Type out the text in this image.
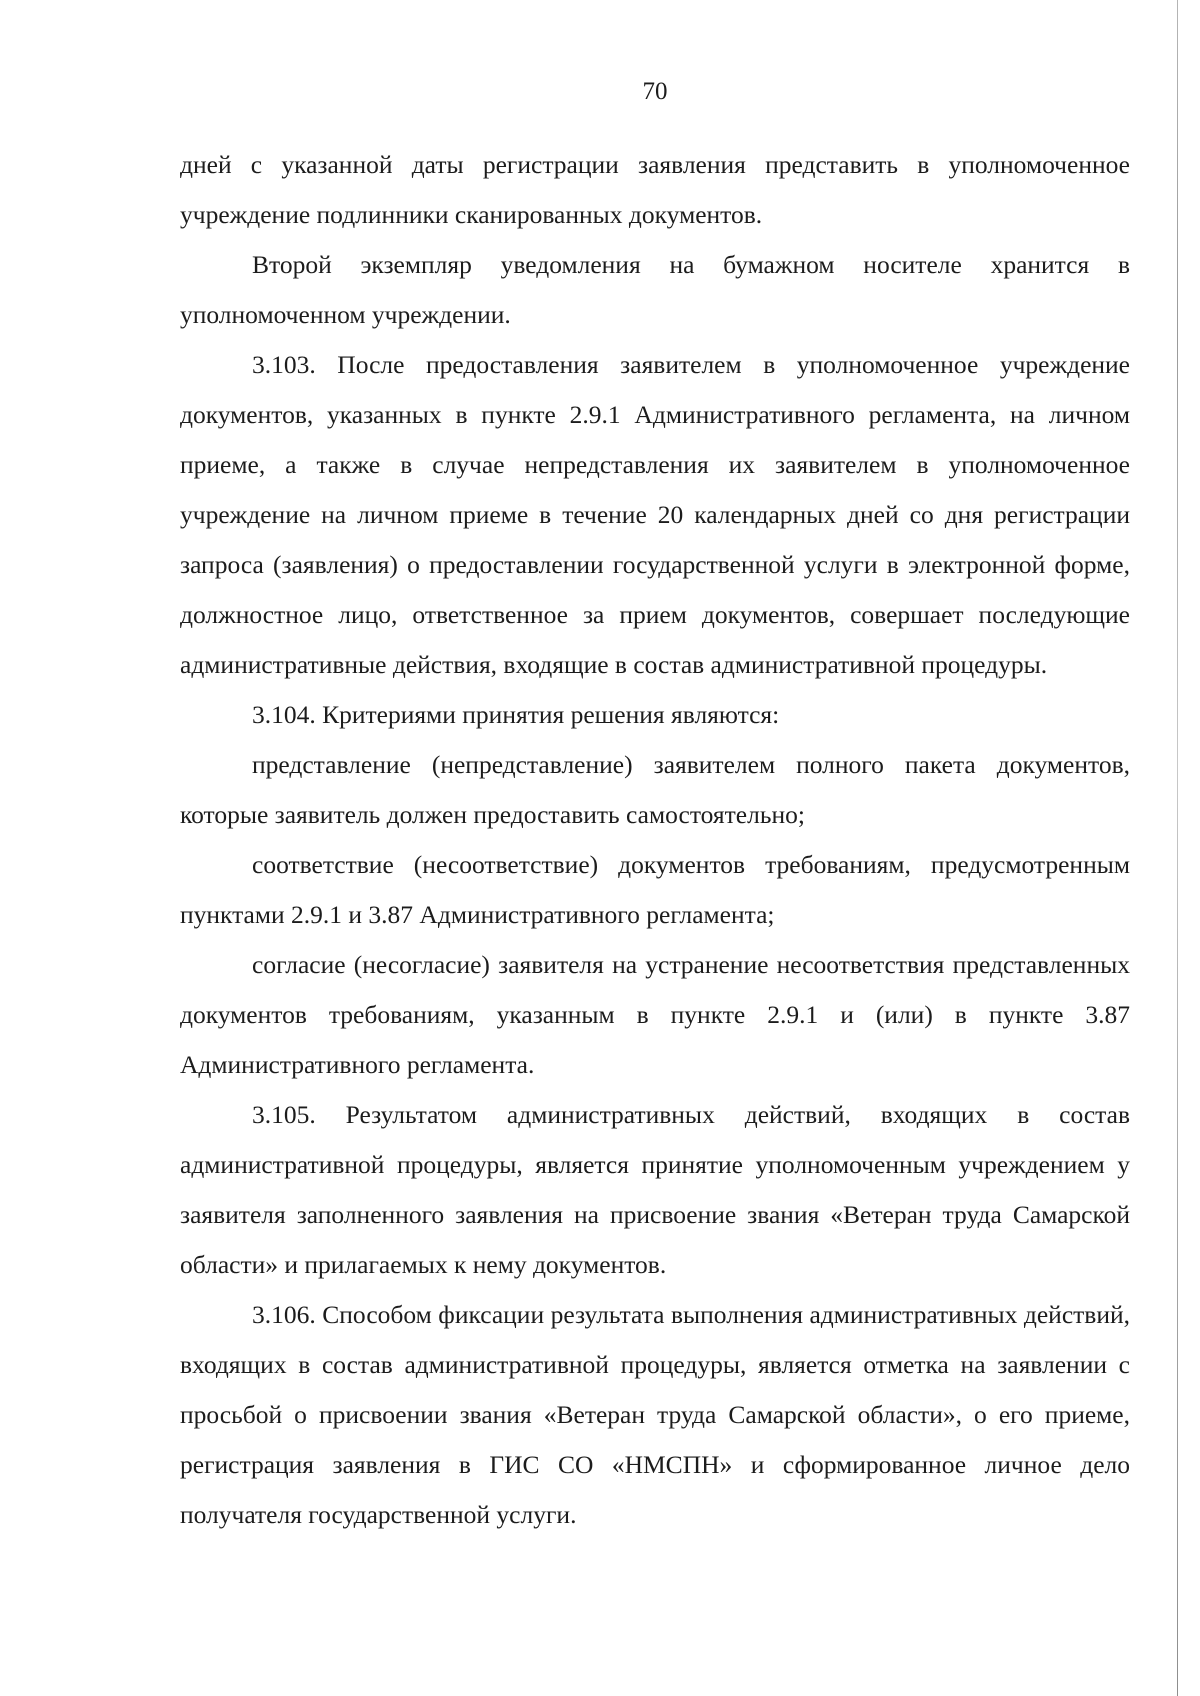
70

дней с указанной даты регистрации заявления представить в уполномоченное учреждение подлинники сканированных документов.

Второй экземпляр уведомления на бумажном носителе хранится в уполномоченном учреждении.

3.103. После предоставления заявителем в уполномоченное учреждение документов, указанных в пункте 2.9.1 Административного регламента, на личном приеме, а также в случае непредставления их заявителем в уполномоченное учреждение на личном приеме в течение 20 календарных дней со дня регистрации запроса (заявления) о предоставлении государственной услуги в электронной форме, должностное лицо, ответственное за прием документов, совершает последующие административные действия, входящие в состав административной процедуры.

3.104. Критериями принятия решения являются:

представление (непредставление) заявителем полного пакета документов, которые заявитель должен предоставить самостоятельно;

соответствие (несоответствие) документов требованиям, предусмотренным пунктами 2.9.1 и 3.87 Административного регламента;

согласие (несогласие) заявителя на устранение несоответствия представленных документов требованиям, указанным в пункте 2.9.1 и (или) в пункте 3.87 Административного регламента.

3.105. Результатом административных действий, входящих в состав административной процедуры, является принятие уполномоченным учреждением у заявителя заполненного заявления на присвоение звания «Ветеран труда Самарской области» и прилагаемых к нему документов.

3.106. Способом фиксации результата выполнения административных действий, входящих в состав административной процедуры, является отметка на заявлении с просьбой о присвоении звания «Ветеран труда Самарской области», о его приеме, регистрация заявления в ГИС СО «НМСПН» и сформированное личное дело получателя государственной услуги.
